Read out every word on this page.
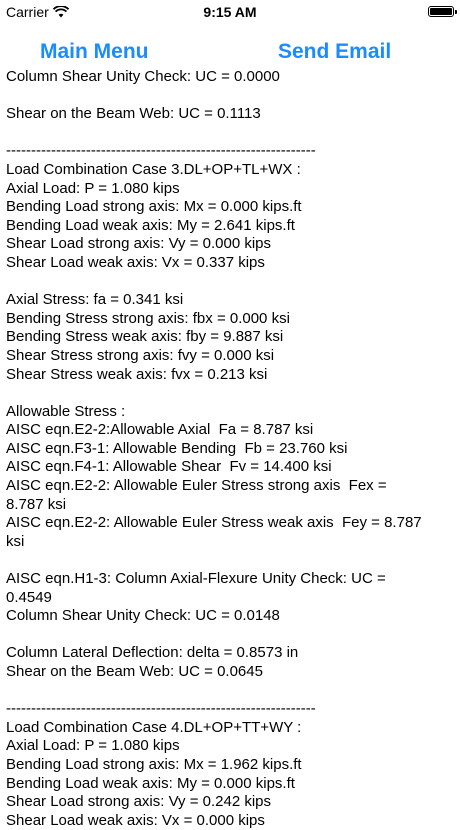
Carrier	9:15 AM
Main Menu	Send Email
Column Shear Unity Check: UC = 0.0000
Shear on the Beam Web: UC = 0.1113
--------------------------------------------------------------
Load Combination Case 3.DL+OP+TL+WX :
Axial Load: P = 1.080 kips
Bending Load strong axis: Mx = 0.000 kips.ft
Bending Load weak axis: My = 2.641 kips.ft
Shear Load strong axis: Vy = 0.000 kips
Shear Load weak axis: Vx = 0.337 kips
Axial Stress: fa = 0.341 ksi
Bending Stress strong axis: fbx = 0.000 ksi
Bending Stress weak axis: fby = 9.887 ksi
Shear Stress strong axis: fvy = 0.000 ksi
Shear Stress weak axis: fvx = 0.213 ksi
Allowable Stress :
AISC eqn.E2-2:Allowable Axial  Fa = 8.787 ksi
AISC eqn.F3-1: Allowable Bending  Fb = 23.760 ksi
AISC eqn.F4-1: Allowable Shear  Fv = 14.400 ksi
AISC eqn.E2-2: Allowable Euler Stress strong axis  Fex =
8.787 ksi
AISC eqn.E2-2: Allowable Euler Stress weak axis  Fey = 8.787
ksi
AISC eqn.H1-3: Column Axial-Flexure Unity Check: UC =
0.4549
Column Shear Unity Check: UC = 0.0148
Column Lateral Deflection: delta = 0.8573 in
Shear on the Beam Web: UC = 0.0645
--------------------------------------------------------------
Load Combination Case 4.DL+OP+TT+WY :
Axial Load: P = 1.080 kips
Bending Load strong axis: Mx = 1.962 kips.ft
Bending Load weak axis: My = 0.000 kips.ft
Shear Load strong axis: Vy = 0.242 kips
Shear Load weak axis: Vx = 0.000 kips
